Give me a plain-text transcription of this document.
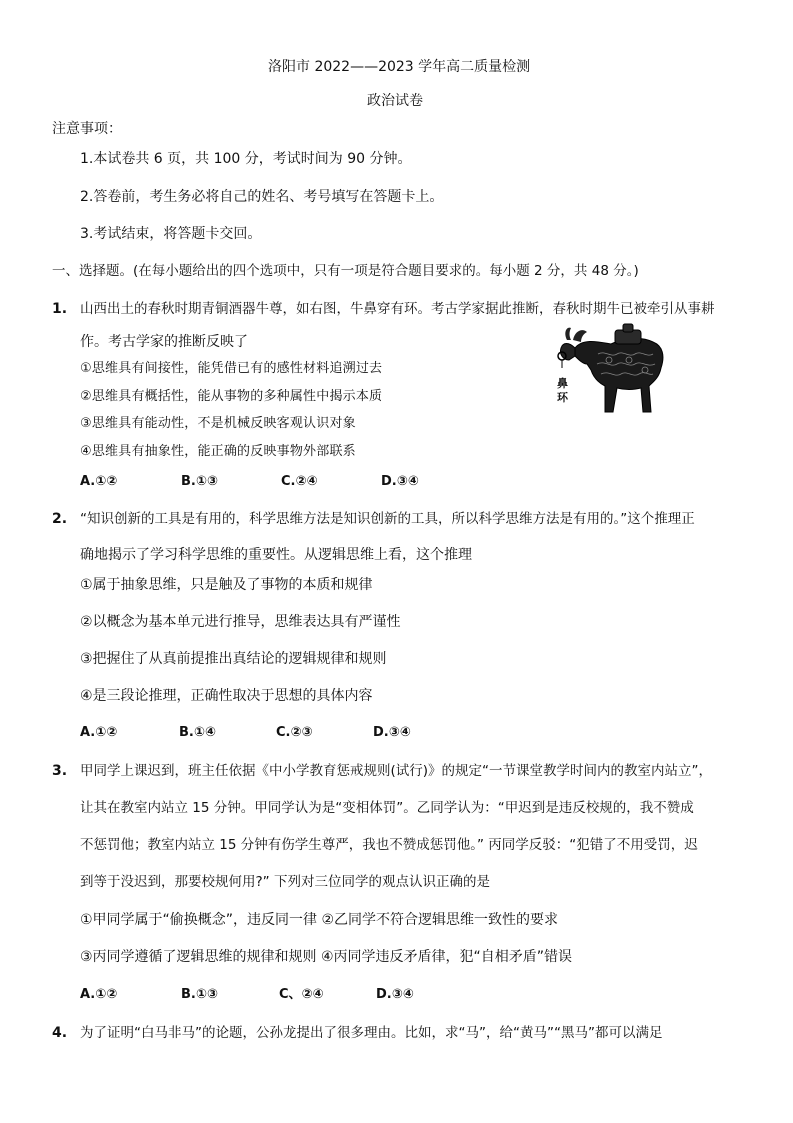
洛阳市 2022——2023 学年高二质量检测
政治试卷
注意事项：
1.本试卷共 6 页，共 100 分，考试时间为 90 分钟。
2.答卷前，考生务必将自己的姓名、考号填写在答题卡上。
3.考试结束，将答题卡交回。
一、选择题。(在每小题给出的四个选项中，只有一项是符合题目要求的。每小题 2 分，共 48 分。)
1. 山西出土的春秋时期青铜酒器牛尊，如右图，牛鼻穿有环。考古学家据此推断，春秋时期牛已被牵引从事耕
作。考古学家的推断反映了
①思维具有间接性，能凭借已有的感性材料追溯过去
②思维具有概括性，能从事物的多种属性中揭示本质
③思维具有能动性，不是机械反映客观认识对象
④思维具有抽象性，能正确的反映事物外部联系
A.①②	B.①③	C.②④	D.③④
鼻
环
2. “知识创新的工具是有用的，科学思维方法是知识创新的工具，所以科学思维方法是有用的。”这个推理正
确地揭示了学习科学思维的重要性。从逻辑思维上看，这个推理
①属于抽象思维，只是触及了事物的本质和规律
②以概念为基本单元进行推导，思维表达具有严谨性
③把握住了从真前提推出真结论的逻辑规律和规则
④是三段论推理，正确性取决于思想的具体内容
A.①②	B.①④	C.②③	D.③④
3. 甲同学上课迟到，班主任依据《中小学教育惩戒规则(试行)》的规定“一节课堂教学时间内的教室内站立”，
让其在教室内站立 15 分钟。甲同学认为是“变相体罚”。乙同学认为：“甲迟到是违反校规的，我不赞成
不惩罚他；教室内站立 15 分钟有伤学生尊严，我也不赞成惩罚他。” 丙同学反驳：“犯错了不用受罚，迟
到等于没迟到，那要校规何用?” 下列对三位同学的观点认识正确的是
①甲同学属于“偷换概念”，违反同一律 ②乙同学不符合逻辑思维一致性的要求
③丙同学遵循了逻辑思维的规律和规则 ④丙同学违反矛盾律，犯“自相矛盾”错误
A.①②	B.①③	C、②④	D.③④
4. 为了证明“白马非马”的论题，公孙龙提出了很多理由。比如，求“马”，给“黄马”“黑马”都可以满足
